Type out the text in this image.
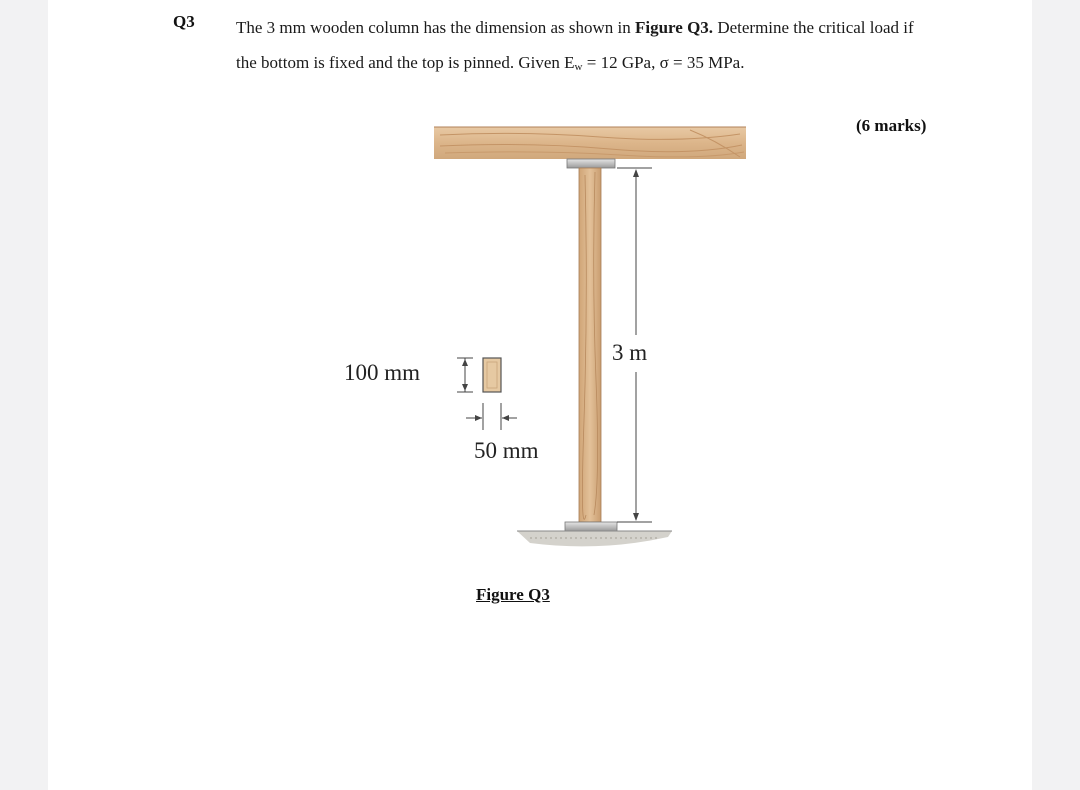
Q3 The 3 mm wooden column has the dimension as shown in Figure Q3. Determine the critical load if the bottom is fixed and the top is pinned. Given $E_w = 12$ GPa, σ = 35 MPa.
(6 marks)
3 m
100 mm
50 mm
Figure Q3
